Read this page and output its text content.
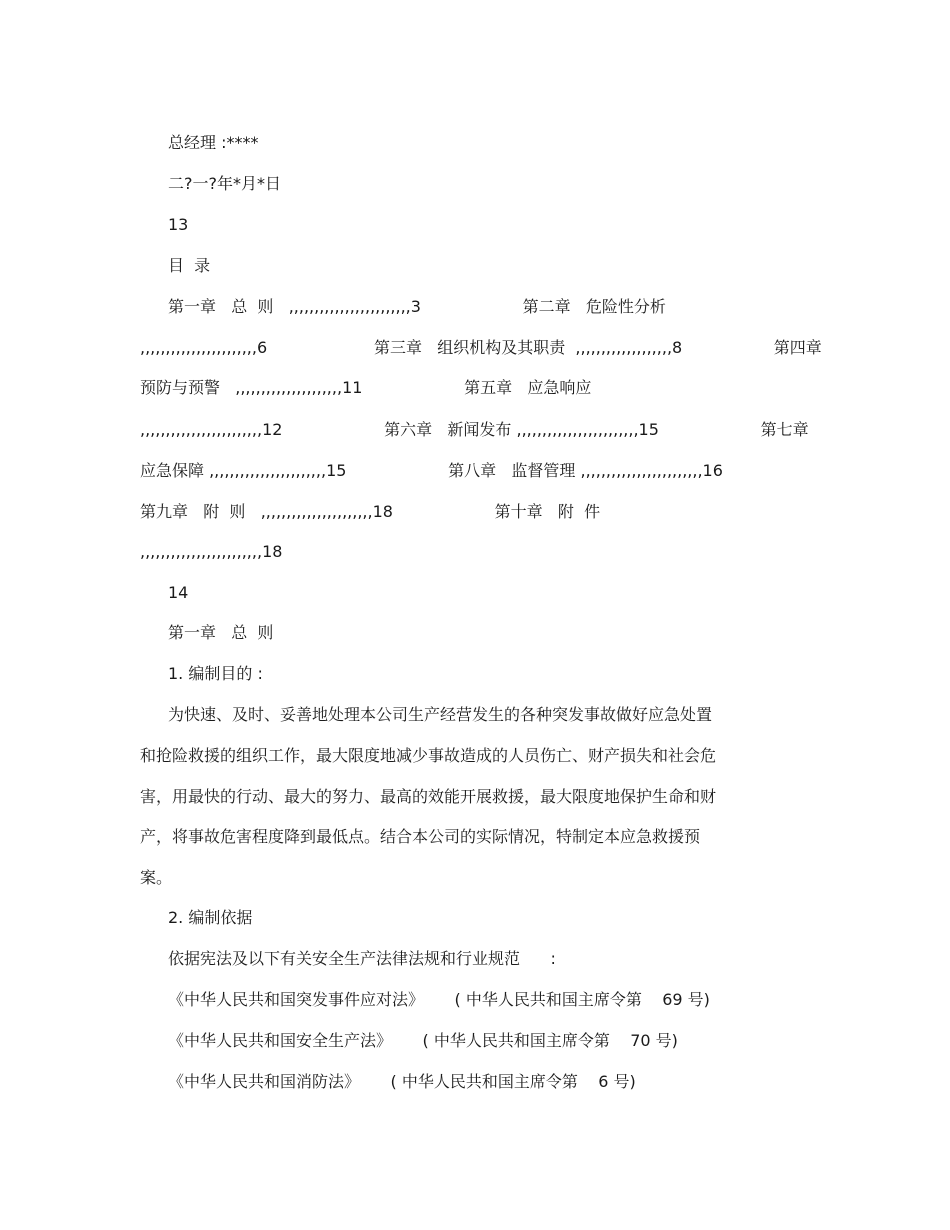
总经理 :****
二?一?年*月*日
13
目  录
第一章   总  则   ,,,,,,,,,,,,,,,,,,,,,,,,3                    第二章   危险性分析
,,,,,,,,,,,,,,,,,,,,,,,6                     第三章   组织机构及其职责  ,,,,,,,,,,,,,,,,,,,8                  第四章
预防与预警   ,,,,,,,,,,,,,,,,,,,,,11                    第五章   应急响应
,,,,,,,,,,,,,,,,,,,,,,,,12                    第六章   新闻发布 ,,,,,,,,,,,,,,,,,,,,,,,,15                    第七章
应急保障 ,,,,,,,,,,,,,,,,,,,,,,,15                    第八章   监督管理 ,,,,,,,,,,,,,,,,,,,,,,,,16
第九章   附  则   ,,,,,,,,,,,,,,,,,,,,,,18                    第十章   附  件
,,,,,,,,,,,,,,,,,,,,,,,,18
14
第一章   总  则
1. 编制目的 :
为快速、及时、妥善地处理本公司生产经营发生的各种突发事故做好应急处置
和抢险救援的组织工作，最大限度地减少事故造成的人员伤亡、财产损失和社会危
害，用最快的行动、最大的努力、最高的效能开展救援，最大限度地保护生命和财
产，将事故危害程度降到最低点。结合本公司的实际情况，特制定本应急救援预
案。
2. 编制依据
依据宪法及以下有关安全生产法律法规和行业规范      :
《中华人民共和国突发事件应对法》      ( 中华人民共和国主席令第    69 号)
《中华人民共和国安全生产法》      ( 中华人民共和国主席令第    70 号)
《中华人民共和国消防法》      ( 中华人民共和国主席令第    6 号)
